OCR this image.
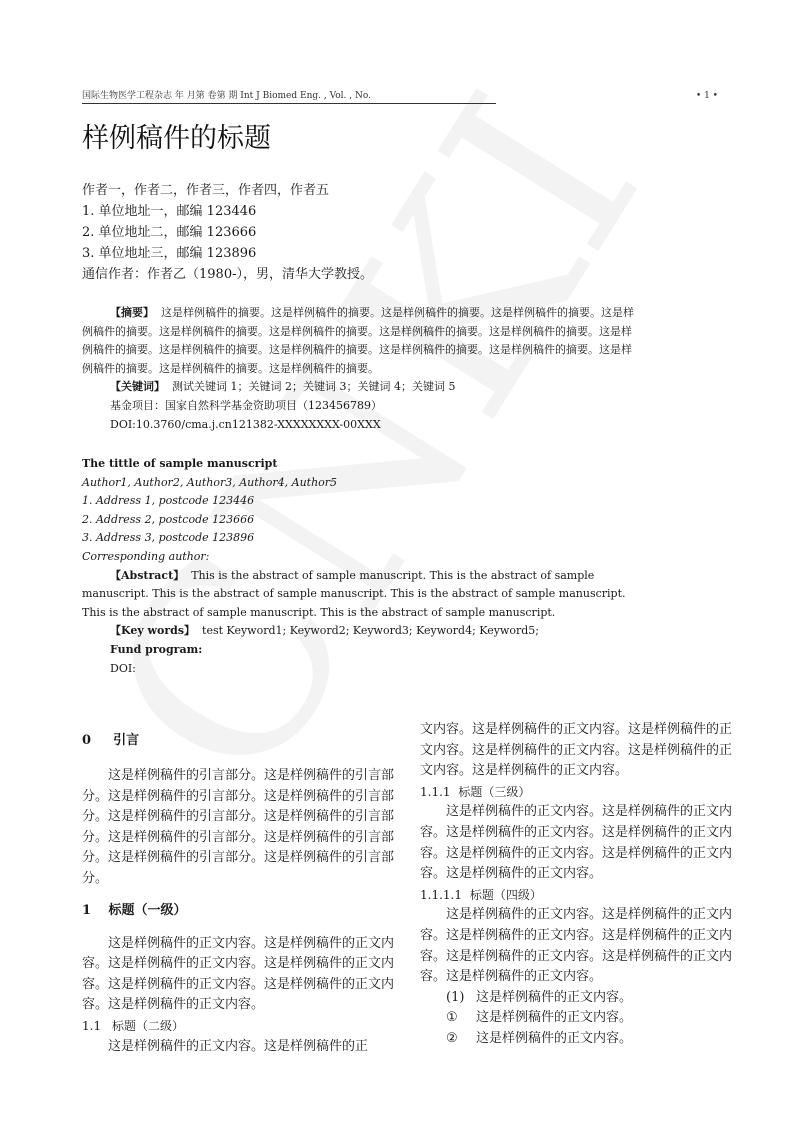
国际生物医学工程杂志 年 月第 卷第 期 Int J Biomed Eng. , Vol. , No.	• 1 •
样例稿件的标题
作者一，作者二，作者三，作者四，作者五
1. 单位地址一，邮编 123446
2. 单位地址二，邮编 123666
3. 单位地址三，邮编 123896
通信作者：作者乙（1980-），男，清华大学教授。

【摘要】 这是样例稿件的摘要。这是样例稿件的摘要。这是样例稿件的摘要。这是样例稿件的摘要。这是样例稿件的摘要。这是样例稿件的摘要。这是样例稿件的摘要。这是样例稿件的摘要。这是样例稿件的摘要。这是样例稿件的摘要。这是样例稿件的摘要。这是样例稿件的摘要。这是样例稿件的摘要。这是样例稿件的摘要。这是样例稿件的摘要。这是样例稿件的摘要。这是样例稿件的摘要。

【关键词】 测试关键词 1；关键词 2；关键词 3；关键词 4；关键词 5

基金项目：国家自然科学基金资助项目（123456789）

DOI:10.3760/cma.j.cn121382-XXXXXXXX-00XXX

The tittle of sample manuscript

Author1, Author2, Author3, Author4, Author5

1. Address 1, postcode 123446

2. Address 2, postcode 123666

3. Address 3, postcode 123896

Corresponding author:

【Abstract】 This is the abstract of sample manuscript. This is the abstract of sample manuscript. This is the abstract of sample manuscript. This is the abstract of sample manuscript. This is the abstract of sample manuscript. This is the abstract of sample manuscript.

【Key words】 test Keyword1; Keyword2; Keyword3; Keyword4; Keyword5;

Fund program:

DOI:

0 引言

这是样例稿件的引言部分。这是样例稿件的引言部分。这是样例稿件的引言部分。这是样例稿件的引言部分。这是样例稿件的引言部分。这是样例稿件的引言部分。这是样例稿件的引言部分。这是样例稿件的引言部分。这是样例稿件的引言部分。这是样例稿件的引言部分。

1 标题（一级）

这是样例稿件的正文内容。这是样例稿件的正文内容。这是样例稿件的正文内容。这是样例稿件的正文内容。这是样例稿件的正文内容。这是样例稿件的正文内容。这是样例稿件的正文内容。

1.1 标题（二级）

这是样例稿件的正文内容。这是样例稿件的正

文内容。这是样例稿件的正文内容。这是样例稿件的正文内容。这是样例稿件的正文内容。这是样例稿件的正文内容。这是样例稿件的正文内容。

1.1.1 标题（三级）

这是样例稿件的正文内容。这是样例稿件的正文内容。这是样例稿件的正文内容。这是样例稿件的正文内容。这是样例稿件的正文内容。这是样例稿件的正文内容。这是样例稿件的正文内容。

1.1.1.1 标题（四级）

这是样例稿件的正文内容。这是样例稿件的正文内容。这是样例稿件的正文内容。这是样例稿件的正文内容。这是样例稿件的正文内容。这是样例稿件的正文内容。这是样例稿件的正文内容。

(1) 这是样例稿件的正文内容。

① 这是样例稿件的正文内容。

② 这是样例稿件的正文内容。
